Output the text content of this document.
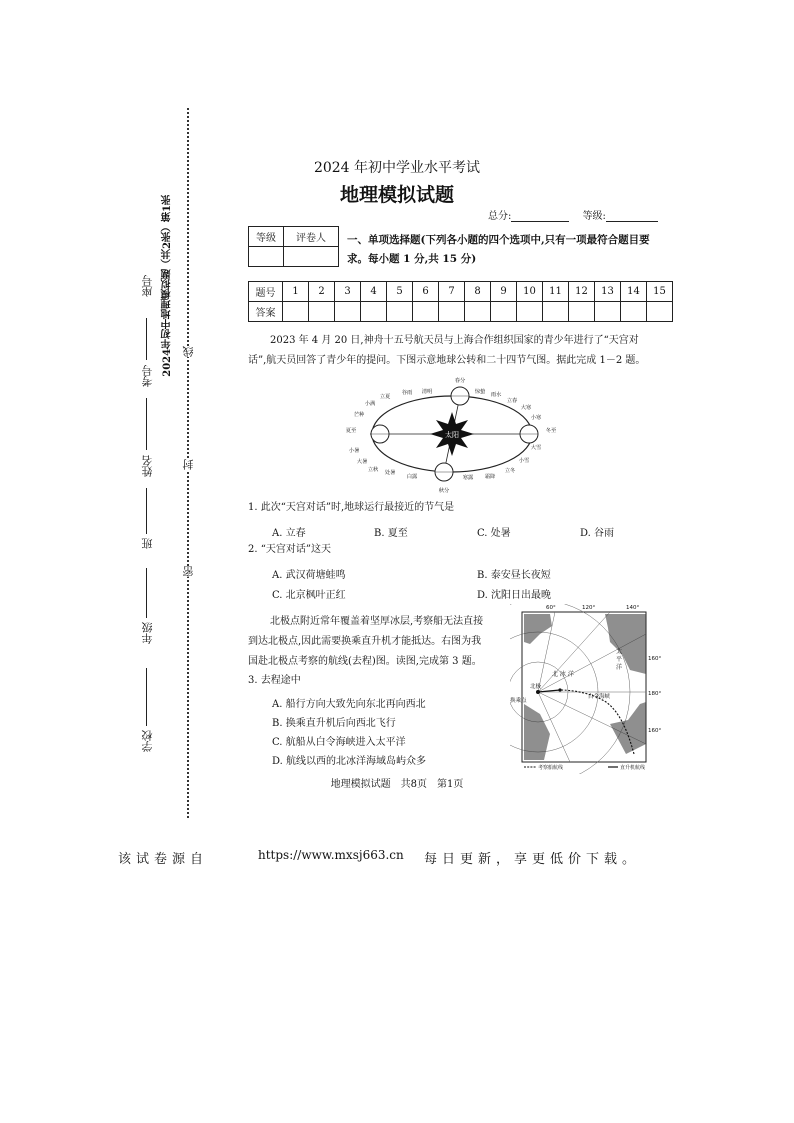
学校
年级
班
姓名
考号
座号 2024年初中地理模拟题（共2张）第1张 线
封
密
2024 年初中学业水平考试
地理模拟试题
总分:	等级:
等级	评卷人
	一、单项选择题(下列各小题的四个选项中,只有一项最符合题目要
求。每小题 1 分,共 15 分)
题号	1	2	3	4	5	6	7	8	9	10	11	12	13	14	15
答案															
2023 年 4 月 20 日,神舟十五号航天员与上海合作组织国家的青少年进行了“天宫对
话”,航天员回答了青少年的提问。下图示意地球公转和二十四节气图。据此完成 1－2 题。
太阳
春分
清明
谷雨
立夏
小满
芒种
夏至
小暑
大暑
立秋 处暑
白露
秋分
寒露 霜降
立冬
小雪
大雪
冬至
小寒
大寒
立春
雨水
惊蛰
1. 此次“天宫对话”时,地球运行最接近的节气是
A. 立春	B. 夏至	C. 处暑	D. 谷雨
2. “天宫对话”这天
A. 武汉荷塘蛙鸣	B. 泰安昼长夜短
C. 北京枫叶正红	D. 沈阳日出最晚
北极点附近常年覆盖着坚厚冰层,考察船无法直接
到达北极点,因此需要换乘直升机才能抵达。右图为我
国赴北极点考察的航线(去程)图。读图,完成第 3 题。
3. 去程途中
A. 船行方向大致先向东北再向西北
B. 换乘直升机后向西北飞行
C. 航船从白令海峡进入太平洋
D. 航线以西的北冰洋海域岛屿众多
60°	120°	140°
160°
180°
160°
换乘点
北极
白令海峡
太 平 洋
北 冰 洋
考察船航线	直升机航线
地理模拟试题　共8页　第1页
该试卷源自	https://www.mxsj663.cn 每日更新，享更低价下载。
